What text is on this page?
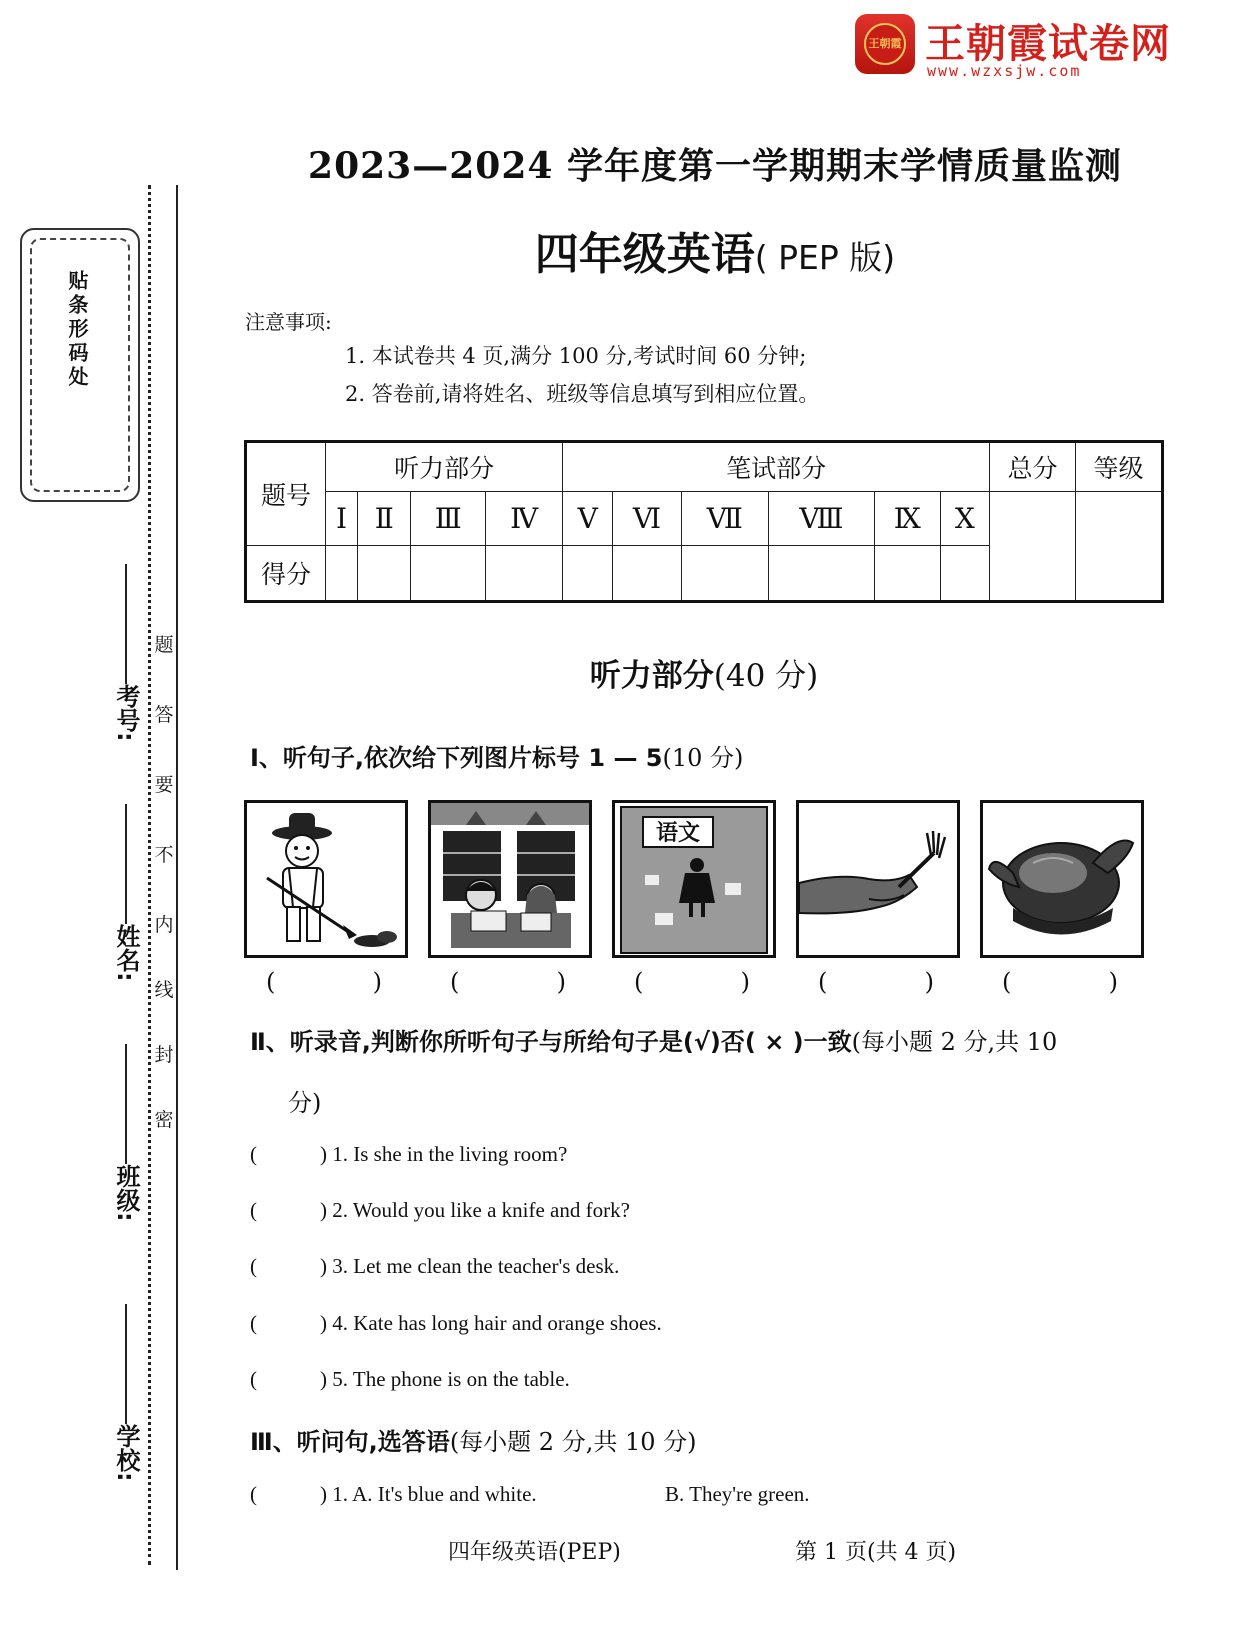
王朝霞 王朝霞试卷网
www.wzxsjw.com
贴条形码处
考号:
姓名:
班级:
学校:
题
答
要
不
内
线
封
密
2023—2024 学年度第一学期期末学情质量监测
四年级英语( PEP 版)
注意事项:
1. 本试卷共 4 页,满分 100 分,考试时间 60 分钟;
2. 答卷前,请将姓名、班级等信息填写到相应位置。
题号	听力部分				笔试部分						总分	等级
	Ⅰ	Ⅱ	Ⅲ	Ⅳ	Ⅴ	Ⅵ	Ⅶ	Ⅷ	Ⅸ	Ⅹ		
得分												
听力部分(40 分)
Ⅰ、听句子,依次给下列图片标号 1 — 5(10 分)
语文
(	)	(	)	(	)	(	)	(	)
Ⅱ、听录音,判断你所听句子与所给句子是(√)否( × )一致(每小题 2 分,共 10
分)
(	) 1. Is she in the living room?
(	) 2. Would you like a knife and fork?
(	) 3. Let me clean the teacher's desk.
(	) 4. Kate has long hair and orange shoes.
(	) 5. The phone is on the table.
Ⅲ、听问句,选答语(每小题 2 分,共 10 分)
(	) 1. A. It's blue and white.	B. They're green.
四年级英语(PEP)	第 1 页(共 4 页)
